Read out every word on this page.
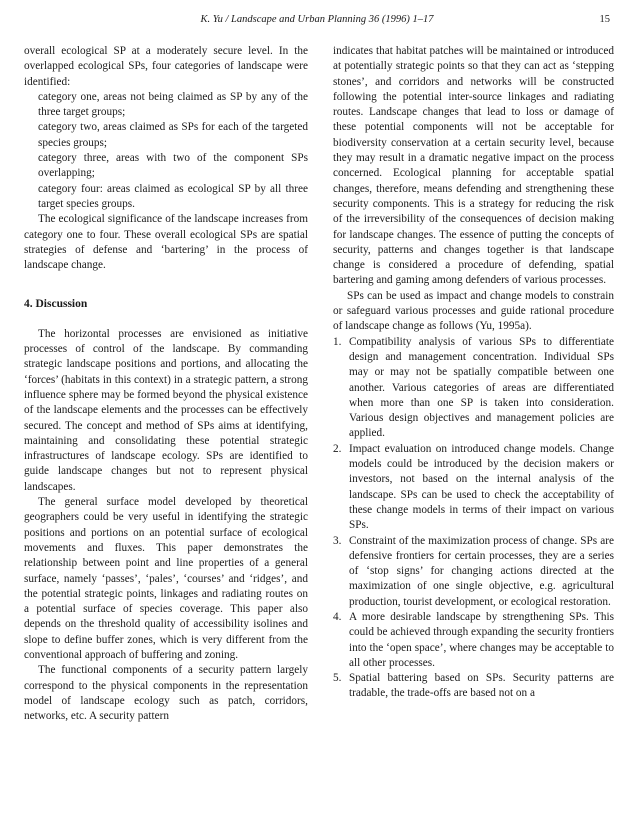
K. Yu / Landscape and Urban Planning 36 (1996) 1–17	15

overall ecological SP at a moderately secure level. In the overlapped ecological SPs, four categories of landscape were identified:

category one, areas not being claimed as SP by any of the three target groups;

category two, areas claimed as SPs for each of the targeted species groups;

category three, areas with two of the component SPs overlapping;

category four: areas claimed as ecological SP by all three target species groups.

The ecological significance of the landscape increases from category one to four. These overall ecological SPs are spatial strategies of defense and ‘bartering’ in the process of landscape change.

4. Discussion

The horizontal processes are envisioned as initiative processes of control of the landscape. By commanding strategic landscape positions and portions, and allocating the ‘forces’ (habitats in this context) in a strategic pattern, a strong influence sphere may be formed beyond the physical existence of the landscape elements and the processes can be effectively secured. The concept and method of SPs aims at identifying, maintaining and consolidating these potential strategic infrastructures of landscape ecology. SPs are identified to guide landscape changes but not to represent physical landscapes.

The general surface model developed by theoretical geographers could be very useful in identifying the strategic positions and portions on an potential surface of ecological movements and fluxes. This paper demonstrates the relationship between point and line properties of a general surface, namely ‘passes’, ‘pales’, ‘courses’ and ‘ridges’, and the potential strategic points, linkages and radiating routes on a potential surface of species coverage. This paper also depends on the threshold quality of accessibility isolines and slope to define buffer zones, which is very different from the conventional approach of buffering and zoning.

The functional components of a security pattern largely correspond to the physical components in the representation model of landscape ecology such as patch, corridors, networks, etc. A security pattern

indicates that habitat patches will be maintained or introduced at potentially strategic points so that they can act as ‘stepping stones’, and corridors and networks will be constructed following the potential inter-source linkages and radiating routes. Landscape changes that lead to loss or damage of these potential components will not be acceptable for biodiversity conservation at a certain security level, because they may result in a dramatic negative impact on the process concerned. Ecological planning for acceptable spatial changes, therefore, means defending and strengthening these security components. This is a strategy for reducing the risk of the irreversibility of the consequences of decision making for landscape changes. The essence of putting the concepts of security, patterns and changes together is that landscape change is considered a procedure of defending, spatial bartering and gaming among defenders of various processes.

SPs can be used as impact and change models to constrain or safeguard various processes and guide rational procedure of landscape change as follows (Yu, 1995a).

1. Compatibility analysis of various SPs to differentiate design and management concentration. Individual SPs may or may not be spatially compatible between one another. Various categories of areas are differentiated when more than one SP is taken into consideration. Various design objectives and management policies are applied.
2. Impact evaluation on introduced change models. Change models could be introduced by the decision makers or investors, not based on the internal analysis of the landscape. SPs can be used to check the acceptability of these change models in terms of their impact on various SPs.
3. Constraint of the maximization process of change. SPs are defensive frontiers for certain processes, they are a series of ‘stop signs’ for changing actions directed at the maximization of one single objective, e.g. agricultural production, tourist development, or ecological restoration.
4. A more desirable landscape by strengthening SPs. This could be achieved through expanding the security frontiers into the ‘open space’, where changes may be acceptable to all other processes.
5. Spatial battering based on SPs. Security patterns are tradable, the trade-offs are based not on a
